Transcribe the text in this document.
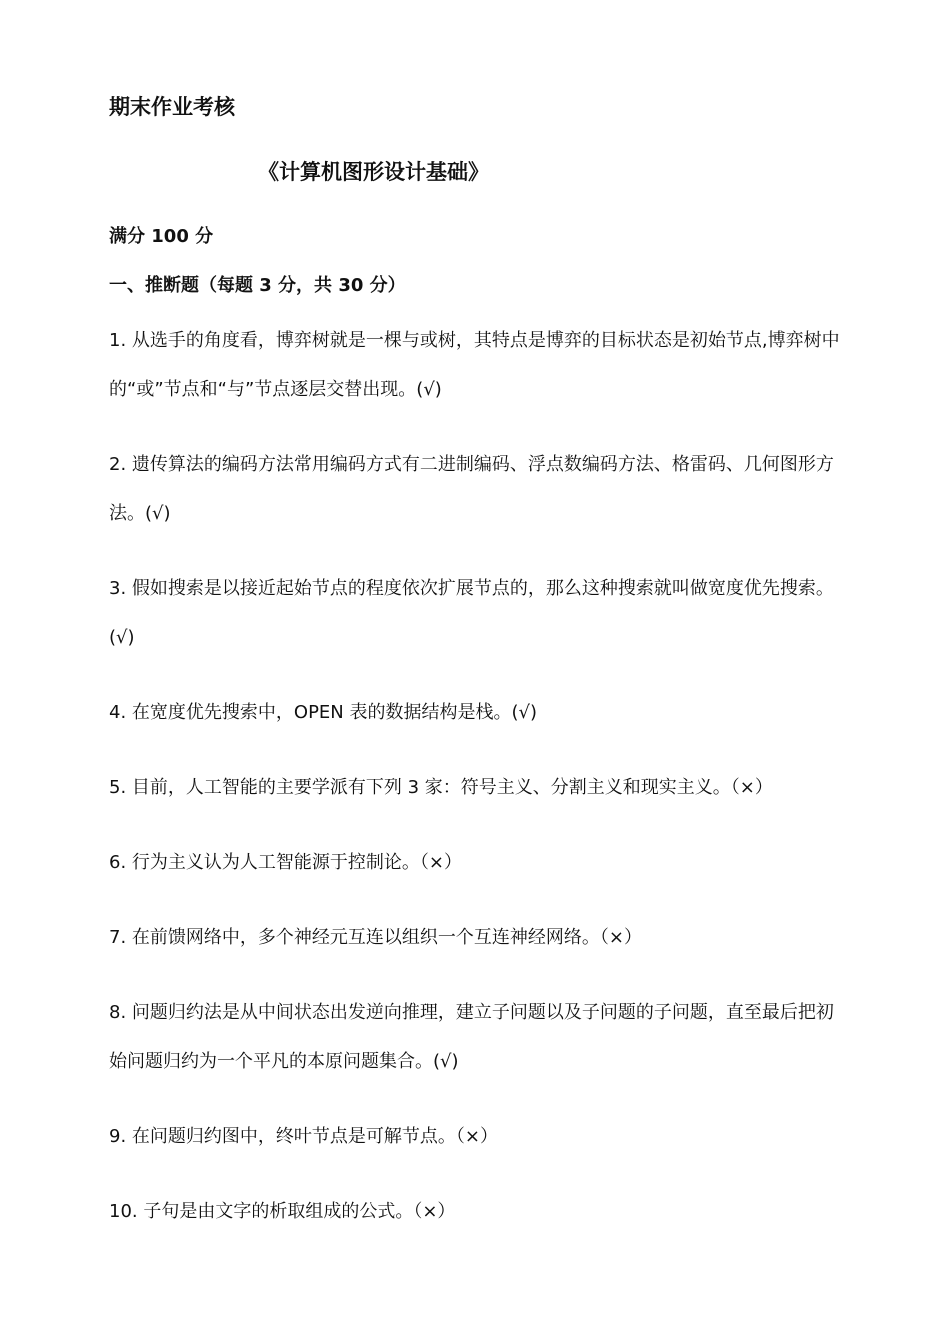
期末作业考核
《计算机图形设计基础》

满分 100 分

一、推断题（每题 3 分，共 30 分）

1. 从选手的角度看，博弈树就是一棵与或树，其特点是博弈的目标状态是初始节点,博弈树中的“或”节点和“与”节点逐层交替出现。(√)
2. 遗传算法的编码方法常用编码方式有二进制编码、浮点数编码方法、格雷码、几何图形方法。(√)
3. 假如搜索是以接近起始节点的程度依次扩展节点的，那么这种搜索就叫做宽度优先搜索。(√)
4. 在宽度优先搜索中，OPEN 表的数据结构是栈。(√)
5. 目前，人工智能的主要学派有下列 3 家：符号主义、分割主义和现实主义。（×）
6. 行为主义认为人工智能源于控制论。（×）
7. 在前馈网络中，多个神经元互连以组织一个互连神经网络。（×）
8. 问题归约法是从中间状态出发逆向推理，建立子问题以及子问题的子问题，直至最后把初始问题归约为一个平凡的本原问题集合。(√)
9. 在问题归约图中，终叶节点是可解节点。（×）
10. 子句是由文字的析取组成的公式。（×）
